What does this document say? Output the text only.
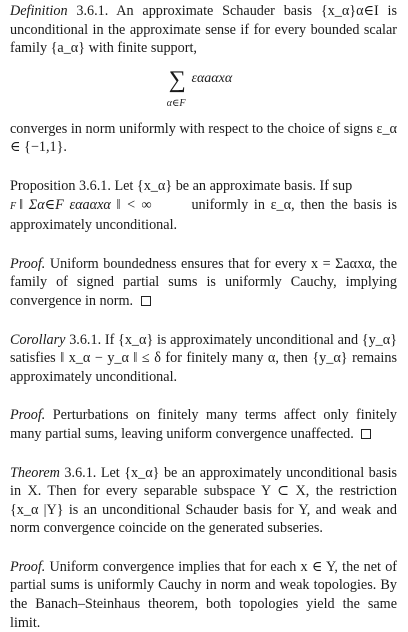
Definition 3.6.1. An approximate Schauder basis {x_α}α∈I is unconditional in the approximate sense if for every bounded scalar family {a_α} with finite support,

∑ εαaαxα
α∈F

converges in norm uniformly with respect to the choice of signs ε_α ∈ {−1,1}.

Proposition 3.6.1. Let {x_α} be an approximate basis. If sup

F ‖ Σα∈F εαaαxα ‖ < ∞	uniformly in ε_α, then the basis is approximately unconditional.

Proof. Uniform boundedness ensures that for every x = Σaαxα, the family of signed partial sums is uniformly Cauchy, implying convergence in norm.

Corollary 3.6.1. If {x_α} is approximately unconditional and {y_α} satisfies ‖ x_α − y_α ‖ ≤ δ for finitely many α, then {y_α} remains approximately unconditional.

Proof. Perturbations on finitely many terms affect only finitely many partial sums, leaving uniform convergence unaffected.

Theorem 3.6.1. Let {x_α} be an approximately unconditional basis in X. Then for every separable subspace Y ⊂ X, the restriction {x_α |Y} is an unconditional Schauder basis for Y, and weak and norm convergence coincide on the generated subseries.

Proof. Uniform convergence implies that for each x ∈ Y, the net of partial sums is uniformly Cauchy in norm and weak topologies. By the Banach–Steinhaus theorem, both topologies yield the same limit.
